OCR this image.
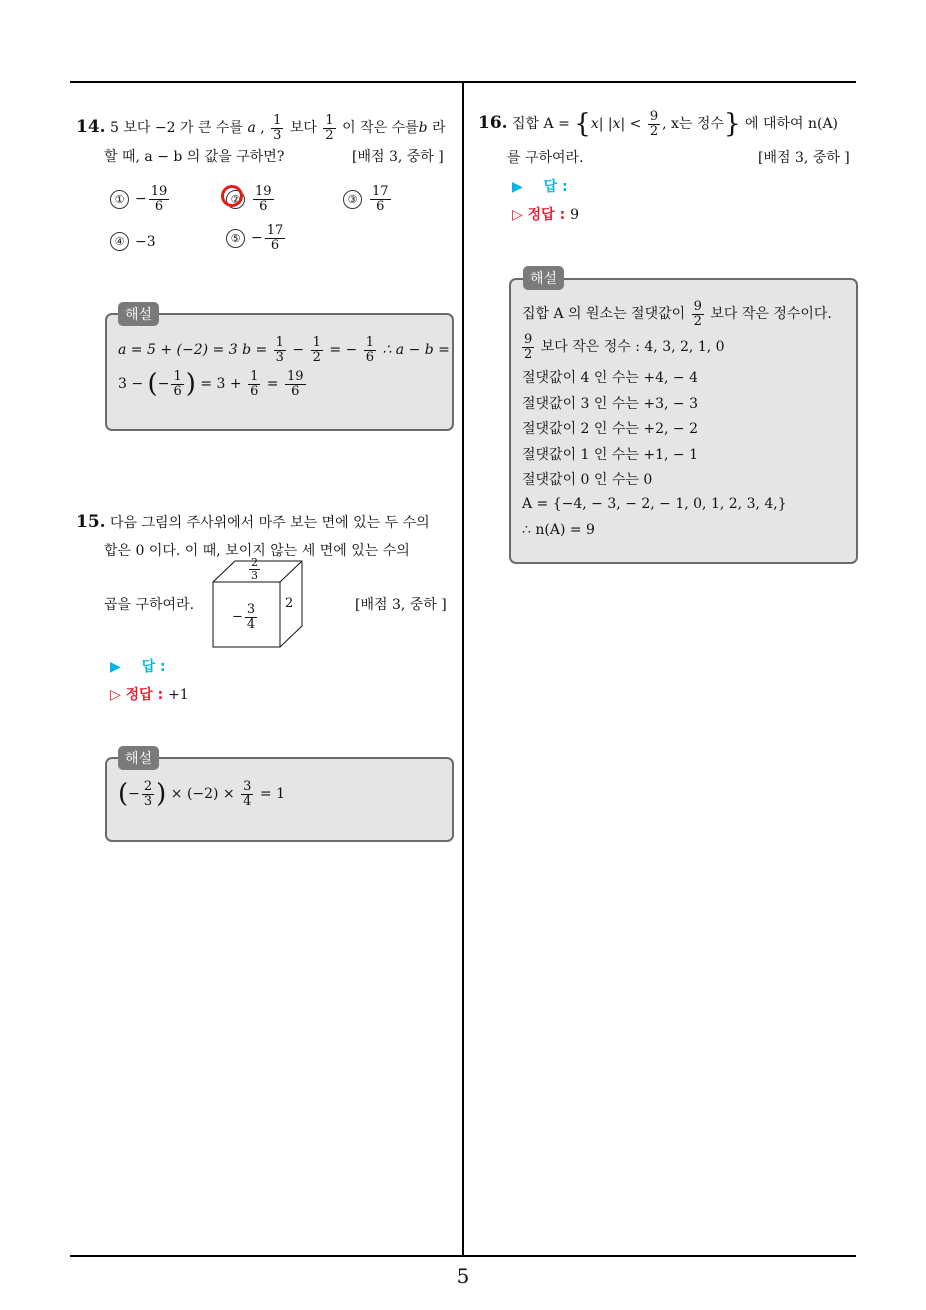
14. 5 보다 −2 가 큰 수를 a , $\frac{1}{3}$ 보다 $\frac{1}{2}$ 이 작은 수를b 라
할 때, a − b 의 값을 구하면?	[배점 3, 중하 ]
① − $\frac{19}{6}$	② $\frac{19}{6}$	③ $\frac{17}{6}$
④ −3	⑤ − $\frac{17}{6}$
해설
a = 5 + (−2) = 3 $b = \frac{1}{3} - \frac{1}{2}$ = − $\frac{1}{6}$ ∴ a − b =
3 − (− $\frac{1}{6}$ ) = $3 + \frac{1}{6} = \frac{19}{6}$
15. 다음 그림의 주사위에서 마주 보는 면에 있는 두 수의
합은 0 이다. 이 때, 보이지 않는 세 면에 있는 수의
곱을 구하여라.	[배점 3, 중하 ]
$\frac{2}{3}$
− $\frac{3}{4} 2$
▶ 답 :
▷ 정답 : +1
해설
(− $\frac{2}{3}$ ) × $(-2) \times \frac{3}{4} = 1$
16. 집합 A = {x| $|x| < \frac{9}{2}$ , x는 정수} 에 대하여 n(A)
를 구하여라.	[배점 3, 중하 ]
▶ 답 :
▷ 정답 : 9
해설
집합 A 의 원소는 절댓값이 $\frac{9}{2}$ 보다 작은 정수이다.
$\frac{9}{2}$ 보다 작은 정수 : 4, 3, 2, 1, 0
절댓값이 4 인 수는 +4, − 4
절댓값이 3 인 수는 +3, − 3
절댓값이 2 인 수는 +2, − 2
절댓값이 1 인 수는 +1, − 1
절댓값이 0 인 수는 0
A = {−4, − 3, − 2, − 1, 0, 1, 2, 3, 4,}
∴ n(A) = 9
5
